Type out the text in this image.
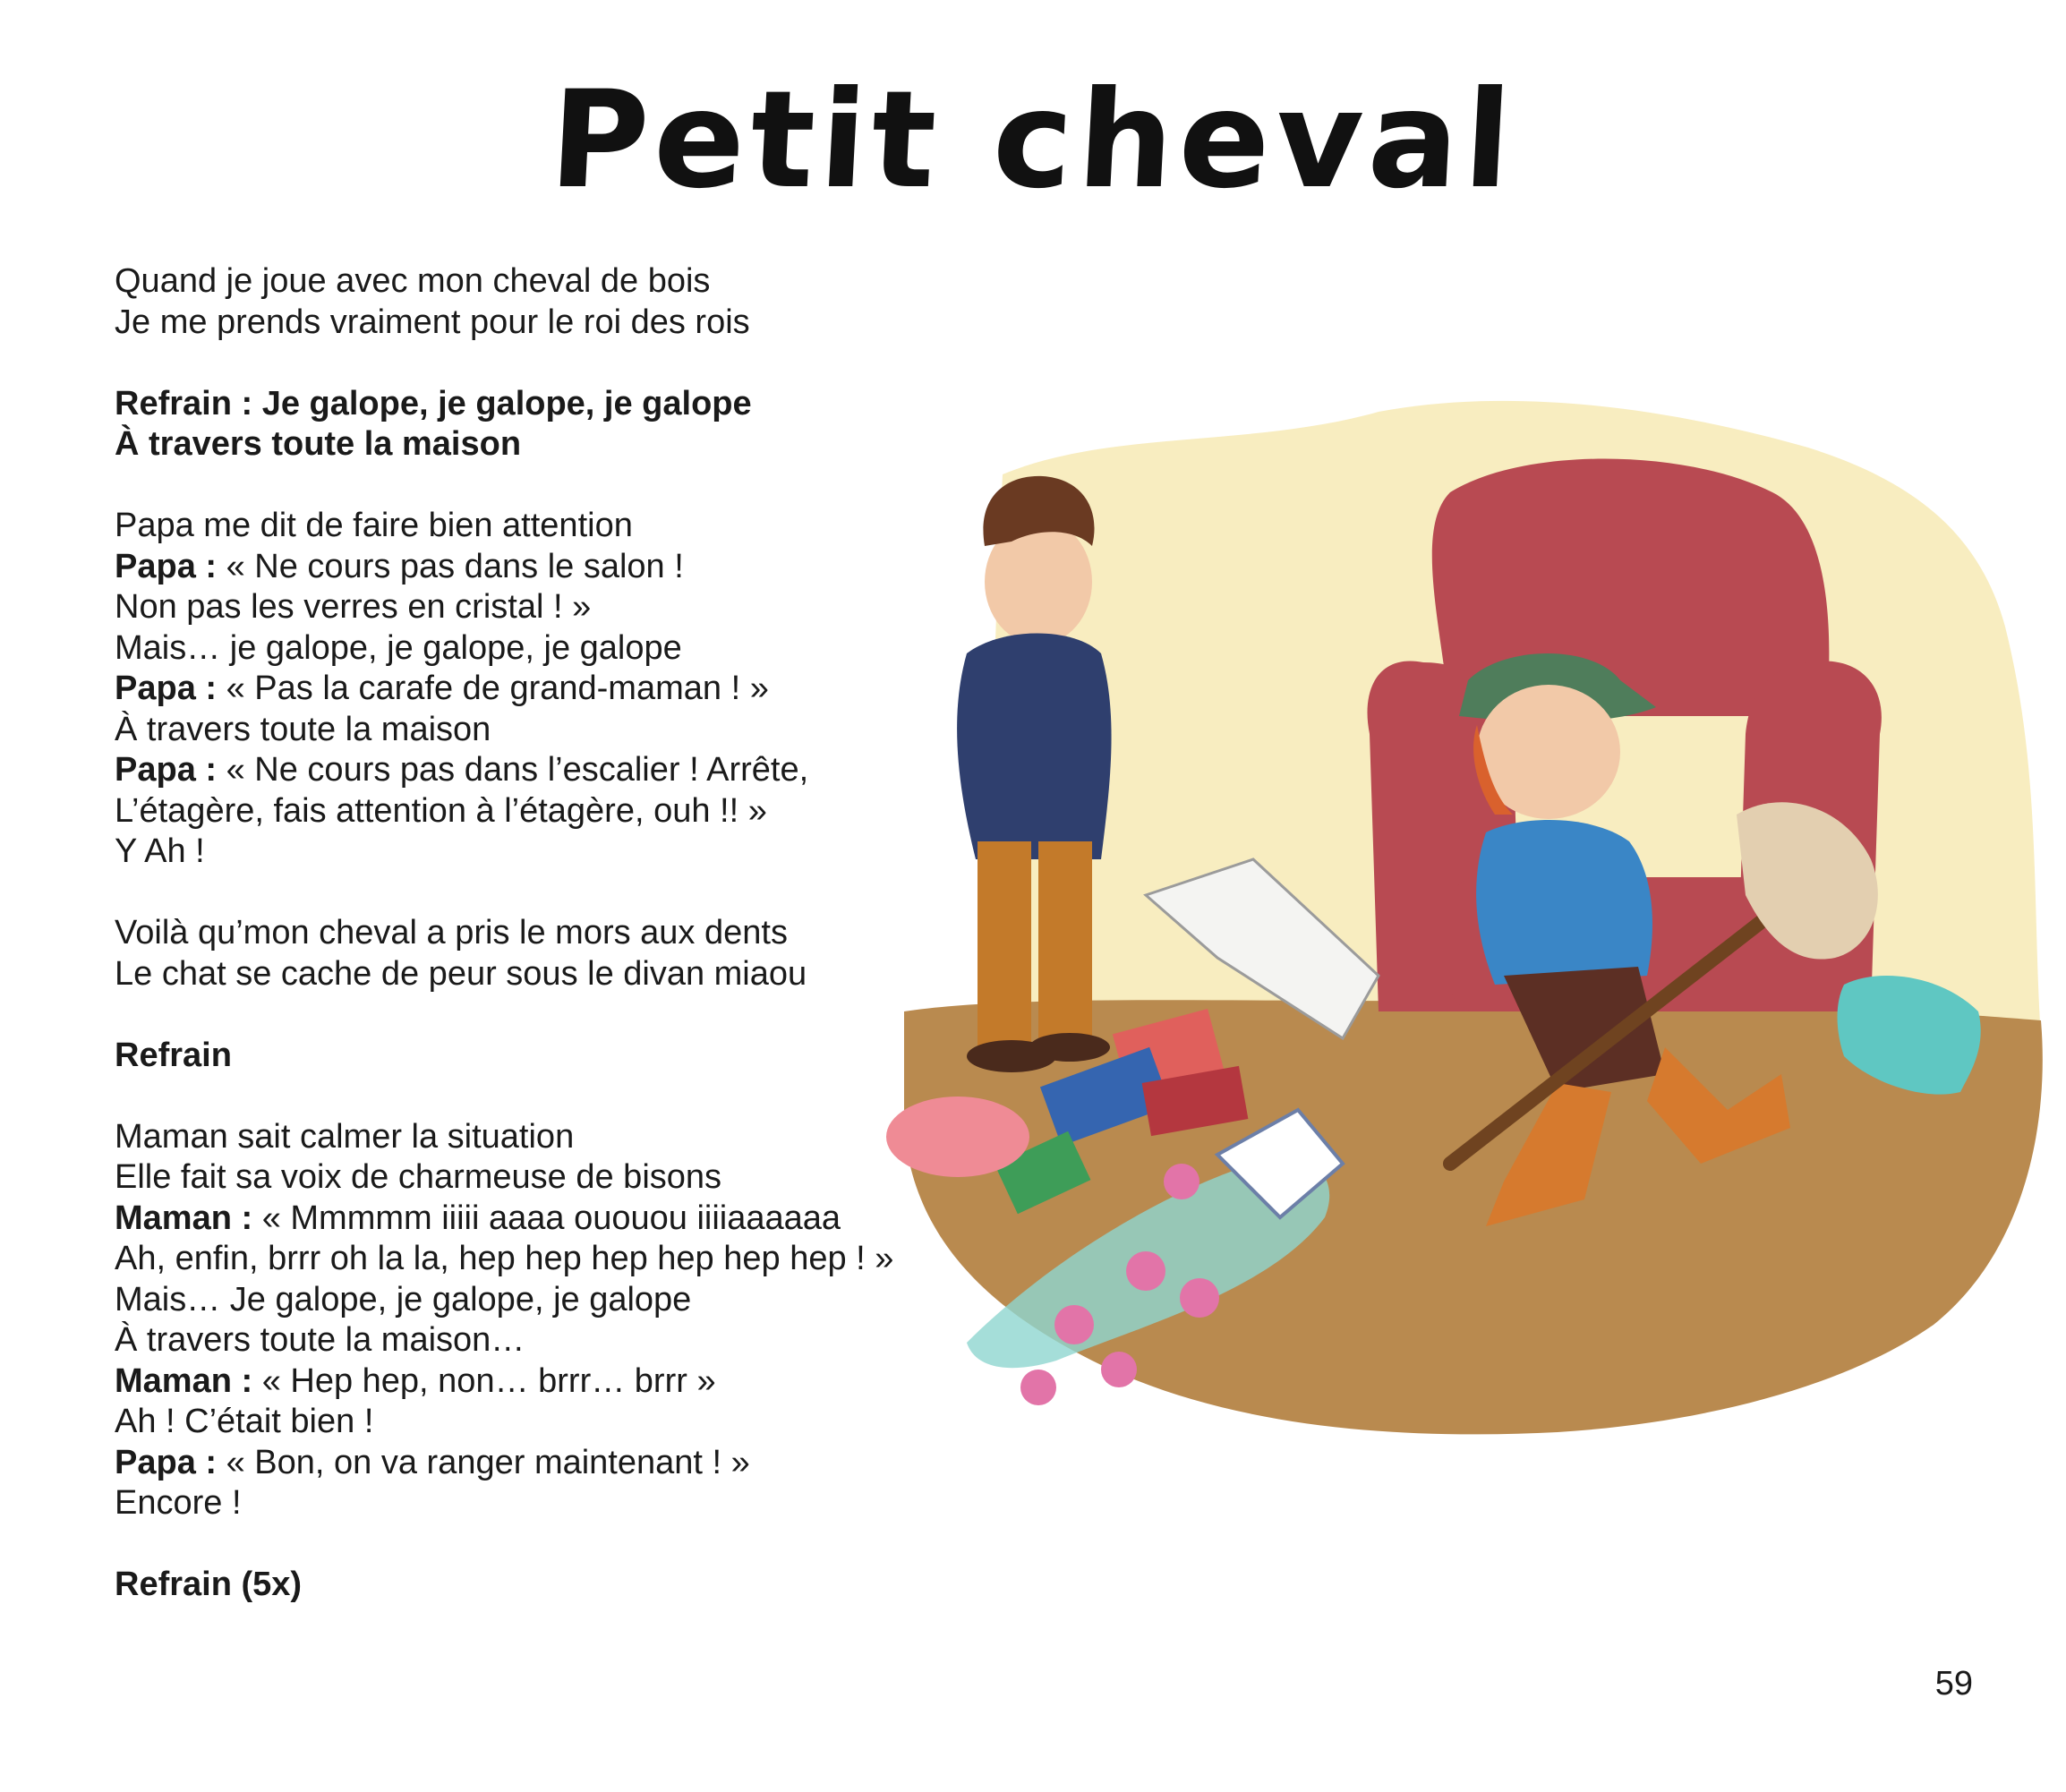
Petit cheval
Quand je joue avec mon cheval de bois
Je me prends vraiment pour le roi des rois
Refrain : Je galope, je galope, je galope
À travers toute la maison
Papa me dit de faire bien attention
Papa : « Ne cours pas dans le salon !
Non pas les verres en cristal ! »
Mais… je galope, je galope, je galope
Papa : « Pas la carafe de grand-maman ! »
À travers toute la maison
Papa : « Ne cours pas dans l’escalier ! Arrête,
L’étagère, fais attention à l’étagère, ouh !! »
Y Ah !
Voilà qu’mon cheval a pris le mors aux dents
Le chat se cache de peur sous le divan miaou
Refrain
Maman sait calmer la situation
Elle fait sa voix de charmeuse de bisons
Maman : « Mmmmm iiiii aaaa ououou iiiiaaaaaa
Ah, enfin, brrr oh la la, hep hep hep hep hep hep ! »
Mais… Je galope, je galope, je galope
À travers toute la maison…
Maman : « Hep hep, non… brrr… brrr »
Ah ! C’était bien !
Papa : « Bon, on va ranger maintenant ! »
Encore !
Refrain (5x)
59
